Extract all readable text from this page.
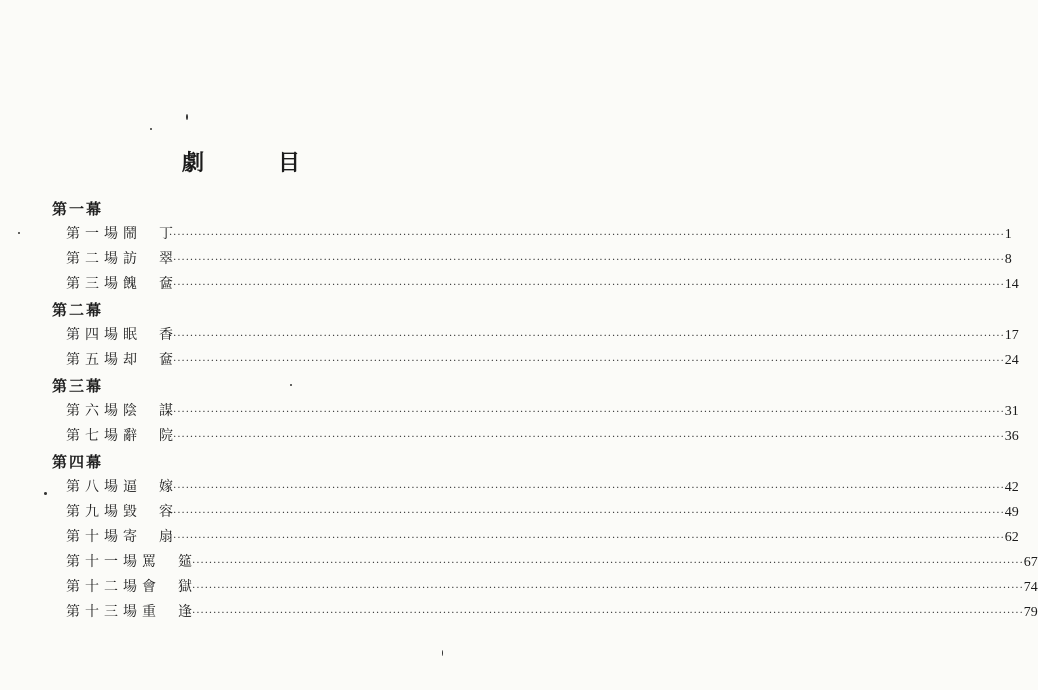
劇　目
第一幕
第一場 鬧丁
········································································································································································································ 1
第二場 訪翠
········································································································································································································ 8
第三場 餽奩
········································································································································································································ 14
第二幕
第四場 眠香
········································································································································································································ 17
第五場 却奩
········································································································································································································ 24
第三幕
第六場 陰謀
········································································································································································································ 31
第七場 辭院
········································································································································································································ 36
第四幕
第八場 逼嫁
········································································································································································································ 42
第九場 毀容
········································································································································································································ 49
第十場 寄扇
········································································································································································································ 62
第十一場 罵筵
········································································································································································································ 67
第十二場 會獄
········································································································································································································ 74
第十三場 重逢
········································································································································································································ 79
